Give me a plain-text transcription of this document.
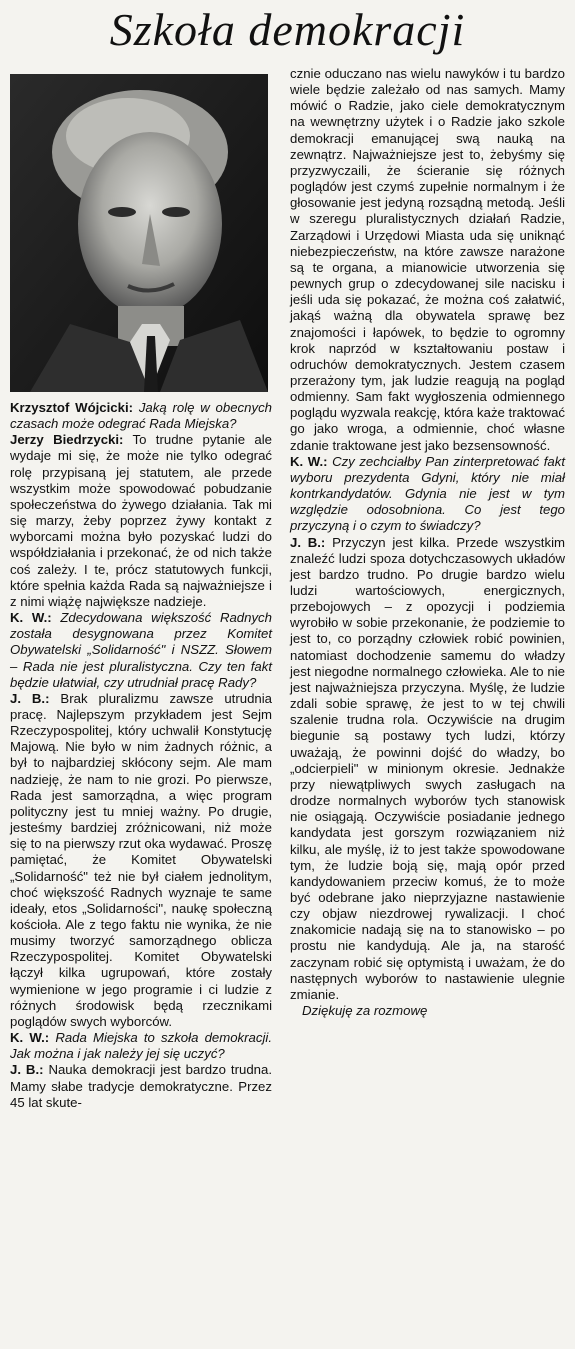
Szkoła demokracji

Krzysztof Wójcicki: Jaką rolę w obecnych czasach może odegrać Rada Miejska?

Jerzy Biedrzycki: To trudne pytanie ale wydaje mi się, że może nie tylko odegrać rolę przypisaną jej statutem, ale przede wszystkim może spowodować pobudzanie społeczeństwa do żywego działania. Tak mi się marzy, żeby poprzez żywy kontakt z wyborcami można było pozyskać ludzi do współdziałania i przekonać, że od nich także coś zależy. I te, prócz statutowych funkcji, które spełnia każda Rada są najważniejsze i z nimi wiążę największe nadzieje.

K. W.: Zdecydowana większość Radnych została desygnowana przez Komitet Obywatelski „Solidarność" i NSZZ. Słowem – Rada nie jest pluralistyczna. Czy ten fakt będzie ułatwiał, czy utrudniał pracę Rady?

J. B.: Brak pluralizmu zawsze utrudnia pracę. Najlepszym przykładem jest Sejm Rzeczypospolitej, który uchwalił Konstytucję Majową. Nie było w nim żadnych różnic, a był to najbardziej skłócony sejm. Ale mam nadzieję, że nam to nie grozi. Po pierwsze, Rada jest samorządna, a więc program polityczny jest tu mniej ważny. Po drugie, jesteśmy bardziej zróżnicowani, niż może się to na pierwszy rzut oka wydawać. Proszę pamiętać, że Komitet Obywatelski „Solidarność" też nie był ciałem jednolitym, choć większość Radnych wyznaje te same ideały, etos „Solidarności", naukę społeczną kościoła. Ale z tego faktu nie wynika, że nie musimy tworzyć samorządnego oblicza Rzeczypospolitej. Komitet Obywatelski łączył kilka ugrupowań, które zostały wymienione w jego programie i ci ludzie z różnych środowisk będą rzecznikami poglądów swych wyborców.

K. W.: Rada Miejska to szkoła demokracji. Jak można i jak należy jej się uczyć?

J. B.: Nauka demokracji jest bardzo trudna. Mamy słabe tradycje demokratyczne. Przez 45 lat skute-

cznie oduczano nas wielu nawyków i tu bardzo wiele będzie zależało od nas samych. Mamy mówić o Radzie, jako ciele demokratycznym na wewnętrzny użytek i o Radzie jako szkole demokracji emanującej swą nauką na zewnątrz. Najważniejsze jest to, żebyśmy się przyzwyczaili, że ścieranie się różnych poglądów jest czymś zupełnie normalnym i że głosowanie jest jedyną rozsądną metodą. Jeśli w szeregu pluralistycznych działań Radzie, Zarządowi i Urzędowi Miasta uda się uniknąć niebezpieczeństw, na które zawsze narażone są te organa, a mianowicie utworzenia się pewnych grup o zdecydowanej sile nacisku i jeśli uda się pokazać, że można coś załatwić, jakąś ważną dla obywatela sprawę bez znajomości i łapówek, to będzie to ogromny krok naprzód w kształtowaniu postaw i odruchów demokratycznych. Jestem czasem przerażony tym, jak ludzie reagują na pogląd odmienny. Sam fakt wygłoszenia odmiennego poglądu wyzwala reakcję, która każe traktować go jako wroga, a odmiennie, choć własne zdanie traktowane jest jako bezsensowność.

K. W.: Czy zechciałby Pan zinterpretować fakt wyboru prezydenta Gdyni, który nie miał kontrkandydatów. Gdynia nie jest w tym względzie odosobniona. Co jest tego przyczyną i o czym to świadczy?

J. B.: Przyczyn jest kilka. Przede wszystkim znaleźć ludzi spoza dotychczasowych układów jest bardzo trudno. Po drugie bardzo wielu ludzi wartościowych, energicznych, przebojowych – z opozycji i podziemia wyrobiło w sobie przekonanie, że podziemie to jest to, co porządny człowiek robić powinien, natomiast dochodzenie samemu do władzy jest niegodne normalnego człowieka. Ale to nie jest najważniejsza przyczyna. Myślę, że ludzie zdali sobie sprawę, że jest to w tej chwili szalenie trudna rola. Oczywiście na drugim biegunie są postawy tych ludzi, którzy uważają, że powinni dojść do władzy, bo „odcierpieli" w minionym okresie. Jednakże przy niewątpliwych swych zasługach na drodze normalnych wyborów tych stanowisk nie osiągają. Oczywiście posiadanie jednego kandydata jest gorszym rozwiązaniem niż kilku, ale myślę, iż to jest także spowodowane tym, że ludzie boją się, mają opór przed kandydowaniem przeciw komuś, że to może być odebrane jako nieprzyjazne nastawienie czy objaw niezdrowej rywalizacji. I choć znakomicie nadają się na to stanowisko – po prostu nie kandydują. Ale ja, na starość zaczynam robić się optymistą i uważam, że do następnych wyborów to nastawienie ulegnie zmianie.

Dziękuję za rozmowę
